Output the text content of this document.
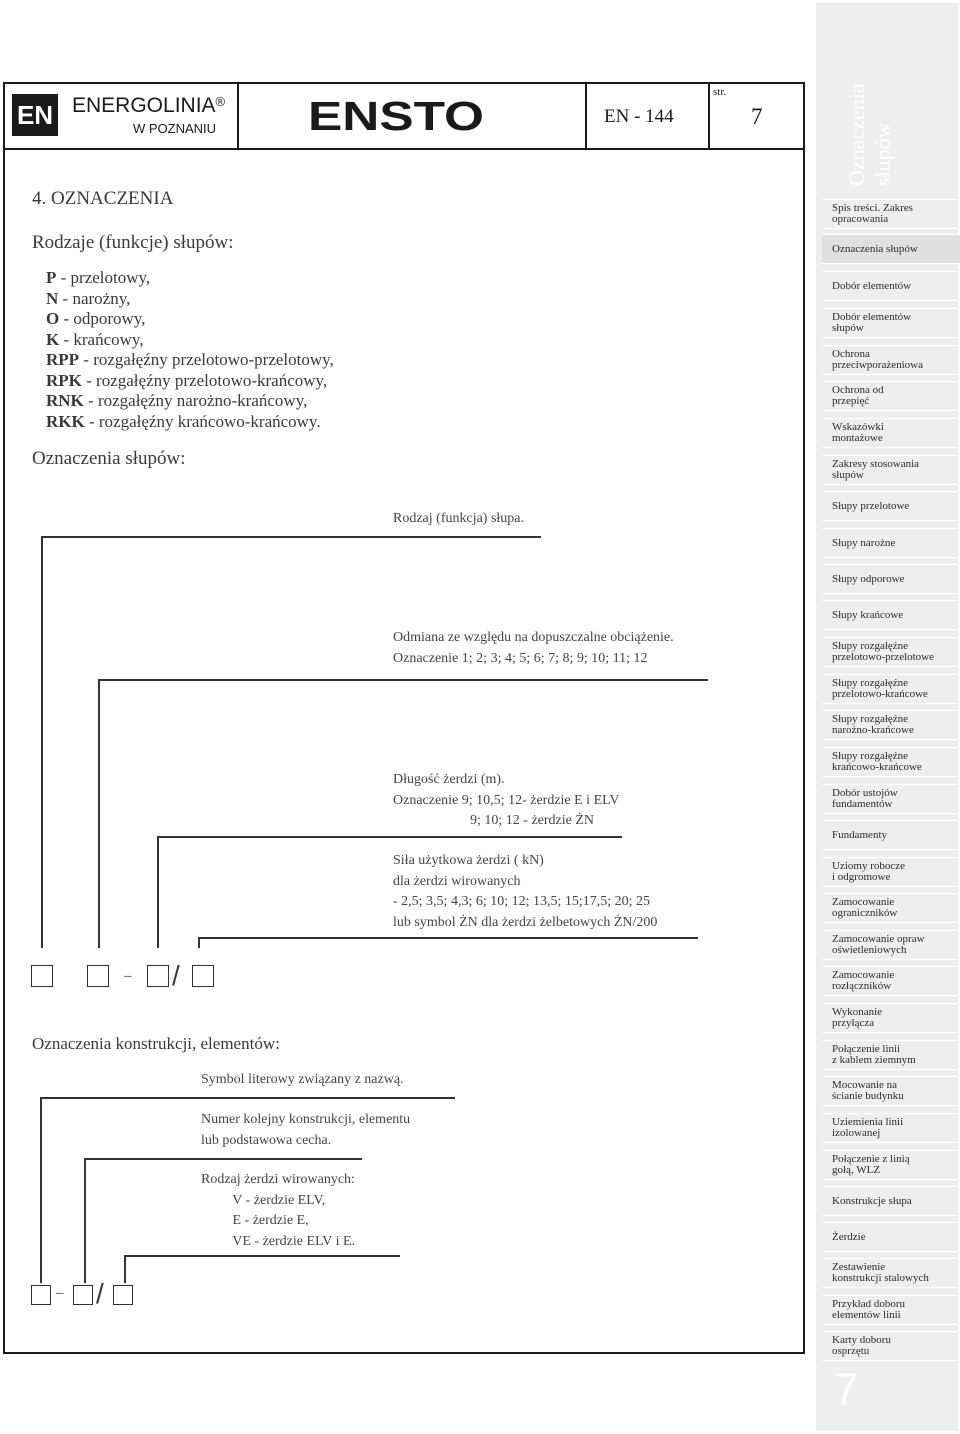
EN ENERGOLINIA®
W POZNANIU ENSTO	EN - 144
str.
7	Oznaczenia słupów
Spis treści. Zakres
opracowania
Oznaczenia słupów
Dobór elementów
Dobór elementów
słupów
Ochrona
przeciwporażeniowa
Ochrona od
przepięć
Wskazówki
montażowe
Zakresy stosowania
słupów
Słupy przelotowe
Słupy narożne
Słupy odporowe
Słupy krańcowe
Słupy rozgałęźne
przelotowo-przelotowe
Słupy rozgałęźne
przelotowo-krańcowe
Słupy rozgałęźne
narożno-krańcowe
Słupy rozgałęźne
krańcowo-krańcowe
Dobór ustojów
fundamentów
Fundamenty
Uziomy robocze
i odgromowe
Zamocowanie
ograniczników
Zamocowanie opraw
oświetleniowych
Zamocowanie
rozłączników
Wykonanie
przyłącza
Połączenie linii
z kablem ziemnym
Mocowanie na
ścianie budynku
Uziemienia linii
izolowanej
Połączenie z linią
gołą, WLZ
Konstrukcje słupa
Żerdzie
Zestawienie
konstrukcji stalowych
Przykład doboru
elementów linii
Karty doboru
osprzętu
7
4. OZNACZENIA
Rodzaje (funkcje) słupów:
P - przelotowy,
N - narożny,
O - odporowy,
K - krańcowy,
RPP - rozgałęźny przelotowo-przelotowy,
RPK - rozgałęźny przelotowo-krańcowy,
RNK - rozgałęźny narożno-krańcowy,
RKK - rozgałęźny krańcowo-krańcowy.
Oznaczenia słupów:
Rodzaj (funkcja) słupa.
Odmiana ze względu na dopuszczalne obciążenie.
Oznaczenie 1; 2; 3; 4; 5; 6; 7; 8; 9; 10; 11; 12
Długość żerdzi (m).
Oznaczenie 9; 10,5; 12- żerdzie E i ELV
9; 10; 12 - żerdzie ŻN
Siła użytkowa żerdzi ( kN)
dla żerdzi wirowanych
- 2,5; 3,5; 4,3; 6; 10; 12; 13,5; 15;17,5; 20; 25
lub symbol ŻN dla żerdzi żelbetowych ŻN/200
– /
Oznaczenia konstrukcji, elementów:
Symbol literowy związany z nazwą.
Numer kolejny konstrukcji, elementu
lub podstawowa cecha.
Rodzaj żerdzi wirowanych:
V - żerdzie ELV,
E - żerdzie E,
VE - żerdzie ELV i E.
– /
